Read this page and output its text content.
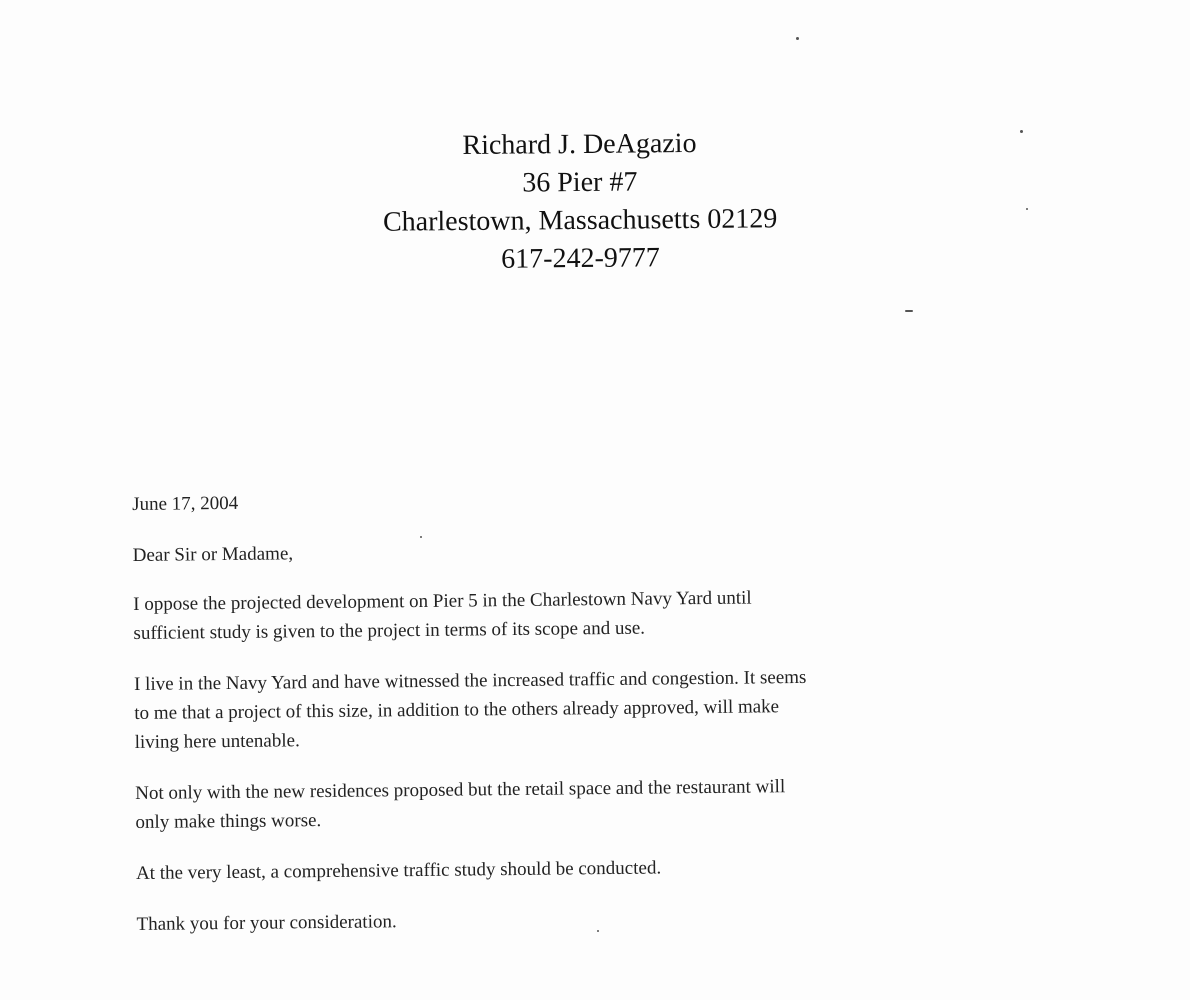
Richard J. DeAgazio
36 Pier #7
Charlestown, Massachusetts 02129
617-242-9777

June 17, 2004

Dear Sir or Madame,

I oppose the projected development on Pier 5 in the Charlestown Navy Yard until
sufficient study is given to the project in terms of its scope and use.

I live in the Navy Yard and have witnessed the increased traffic and congestion. It seems
to me that a project of this size, in addition to the others already approved, will make
living here untenable.

Not only with the new residences proposed but the retail space and the restaurant will
only make things worse.

At the very least, a comprehensive traffic study should be conducted.

Thank you for your consideration.
